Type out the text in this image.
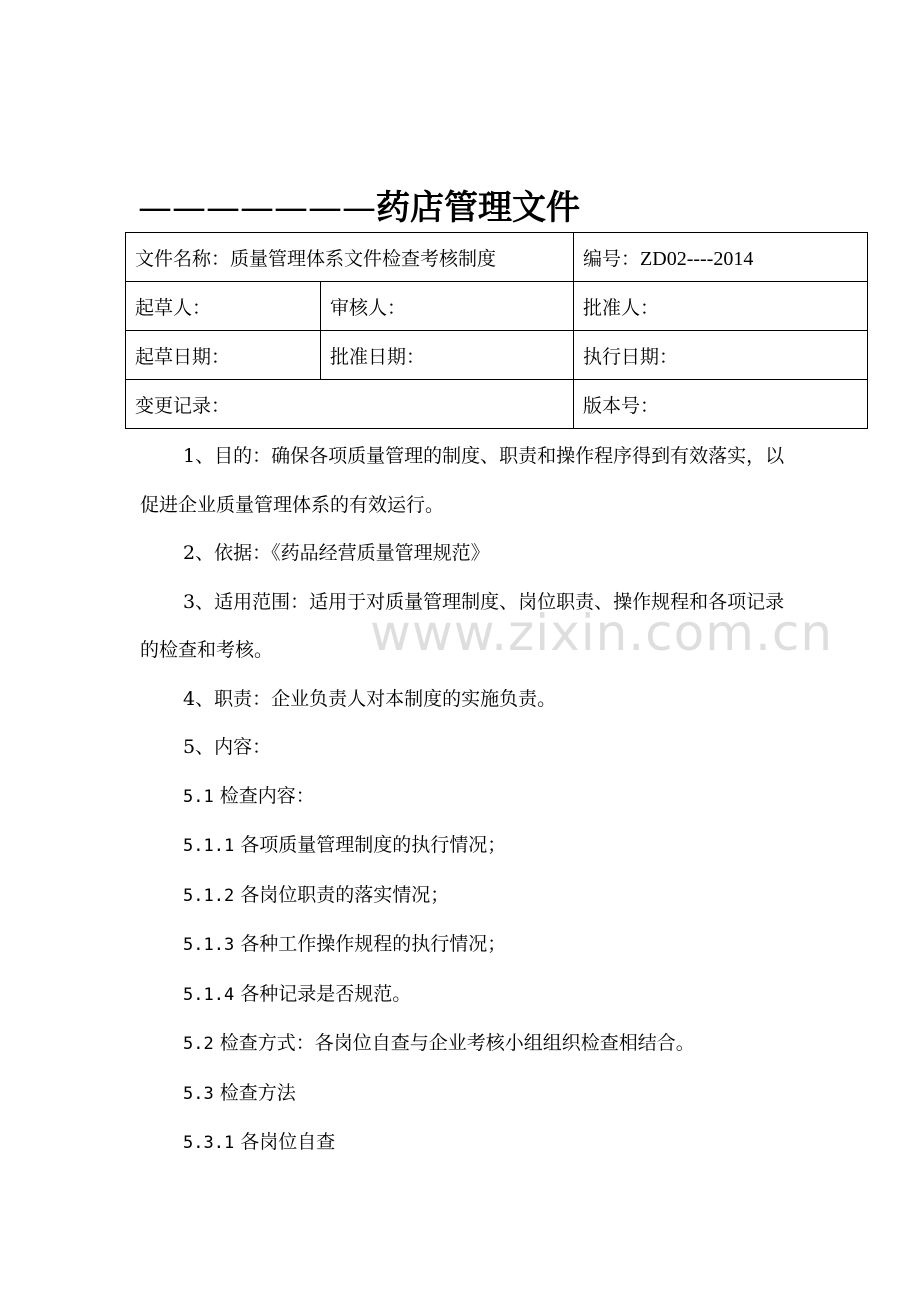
———————药店管理文件
文件名称：质量管理体系文件检查考核制度		编号：ZD02----2014
起草人：	审核人：	批准人：
起草日期：	批准日期：	执行日期：
变更记录：		版本号：

1、目的：确保各项质量管理的制度、职责和操作程序得到有效落实，以促进企业质量管理体系的有效运行。

2、依据：《药品经营质量管理规范》

3、适用范围：适用于对质量管理制度、岗位职责、操作规程和各项记录的检查和考核。

4、职责：企业负责人对本制度的实施负责。

5、内容：

5.1 检查内容：

5.1.1 各项质量管理制度的执行情况；

5.1.2 各岗位职责的落实情况；

5.1.3 各种工作操作规程的执行情况；

5.1.4 各种记录是否规范。

5.2 检查方式：各岗位自查与企业考核小组组织检查相结合。

5.3 检查方法

5.3.1 各岗位自查

www.zixin.com.cn
